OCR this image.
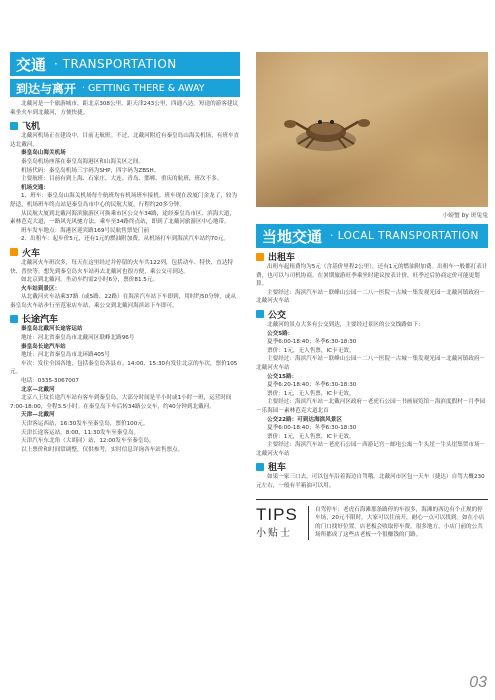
交通 · TRANSPORTATION
到达与离开 · GETTING THERE & AWAY

北戴河是一个旅游城市，距北京308公里，距天津243公里，四通八达。短途的游客建议乘坐火车到北戴河，方便快捷。

飞机

北戴河机场正在建设中，目前无航班。不过，北戴河附近有秦皇岛山海关机场，有班车直达北戴河。

秦皇岛山海关机场

秦皇岛机场座落在秦皇岛海港区和山海关区之间。

机场代码：秦皇岛机场三字码为SHP，四字码为ZBSH。

主要航班：目前有到上海、石家庄、大连、青岛、邯郸、重庆的航班，班次不多。

机场交通：

1、班车：秦皇岛山海关机场每个航班均有机场班车接机。班车现在改厦门金龙了，较为舒适，机场班车终点站是秦皇岛市中心的民航大厦，行程约20多分钟。

从民航大厦到北戴河海滨旅游区可换乘市区公交车34路，途经秦皇岛市区、滨海大道，素林芭克大道，一路风光风驰方法。乘车至34路终点站，即到了北戴河旅游区中心地带。

班车发车地点：海港区迎宾路169号民航售票处门前

2、出租车：起步价5元，还有1元的燃油附加费，从机场打车到海滨汽车站约70元。

火车

北戴河火车班次多，每天在这里经过并停留的火车共122列，包括动车、特快、直达特快、普快等。想先到秦皇岛火车站再去北戴河也很方便，乘公交可到达。

如北京到北戴河，坐动车约需2小时6分，票价81.5元。

火车站到景区：

从北戴河火车站乘37路（或5路、22路）在海滨汽车站下车即到，用时约50分钟，或从秦皇岛火车站步行至范家店车站，乘公交到北戴河海滨站下车即可。

长途汽车

秦皇岛北戴河长途客运站

地址：河北省秦皇岛市北戴河区联峰北路96号

秦皇岛长途汽车站

地址：河北省秦皇岛市北环路405号

车次：发往全国各地，包括秦皇岛各县市。14:00、15:30有发往北京的车次，票价105元。

电话：0335-3067007

北京—北戴河

北京八王坟长途汽车站有客车到秦皇岛，大部分时间是半小时或1小时一班，运营时间7:00-18:00，全程3.5小时。在秦皇岛下车后转34路公交车，约40分钟到北戴河。

天津—北戴河

天津客运西站，16:30发车至秦皇岛，票价100元。

天津长途客运站，8:00、11:30发车至秦皇岛。

天津汽车东北角（大胡同）站，12:00发车至秦皇岛。

以上票价和时间常调整，仅供参考，实时信息详询各车站售票点。

小螃蟹 by 斑兔兔
当地交通 · LOCAL TRANSPORTATION
出租车

出租车起租费均为5元（含基价里程2公里），还有1元的燃油附加费。出租车一般都打表计费，也可以与司机协商。在暑期旅游旺季乘坐时建议按表计价，旺季过后协商定价可能更划算。

主要经过：海滨汽车站－联峰山公园－二八一医院－古城－集发观光园－北戴河镇政府－北戴河火车站

公交

北戴河的景点大多有公交到达，主要经过景区的公交线路如下：

公交5路：

夏季6:00-18:40；冬季6:30-18:30

票价：1元，无人售票，IC卡无效。

主要经过：海滨汽车站－联峰山公园－二八一医院－古城－集发观光园－北戴河镇政府－北戴河火车站

公交15路：

夏季6:20-18:40；冬季6:30-18:30

票价：1元，无人售票，IC卡无效。

主要经过：海滨汽车站－北戴河区政府－老虎石公园－书画展览馆－海滨度假村－月季园－乐海园－素林芭克大道北首

公交22路：可到达海滨风景区

夏季6:00-18:40；冬季6:30-18:30

票价：1元，无人售票，IC卡无效。

主要经过：海滨汽车站－老虎石公园－西游记宫－邮电公寓－牛头崖－牛头崖集贸市场－北戴河火车站

租车

如果一家三口去，可以包车沿着海边自驾哦。北戴河市区包一天车（捷达）自驾大概230元左右，一般有半箱油可以用。

TIPS
小贴士

自驾停车：老虎石海滩那条路停的车很多，海滩的西边有个正规的停车场，20元不限时。大家可以往前开，耐心一点可以找到。如在小店的门口找好位置，店老板会收取停车费。很多地方，小店门前的公共场所都成了这些店老板一个很赚钱的门路。

03
